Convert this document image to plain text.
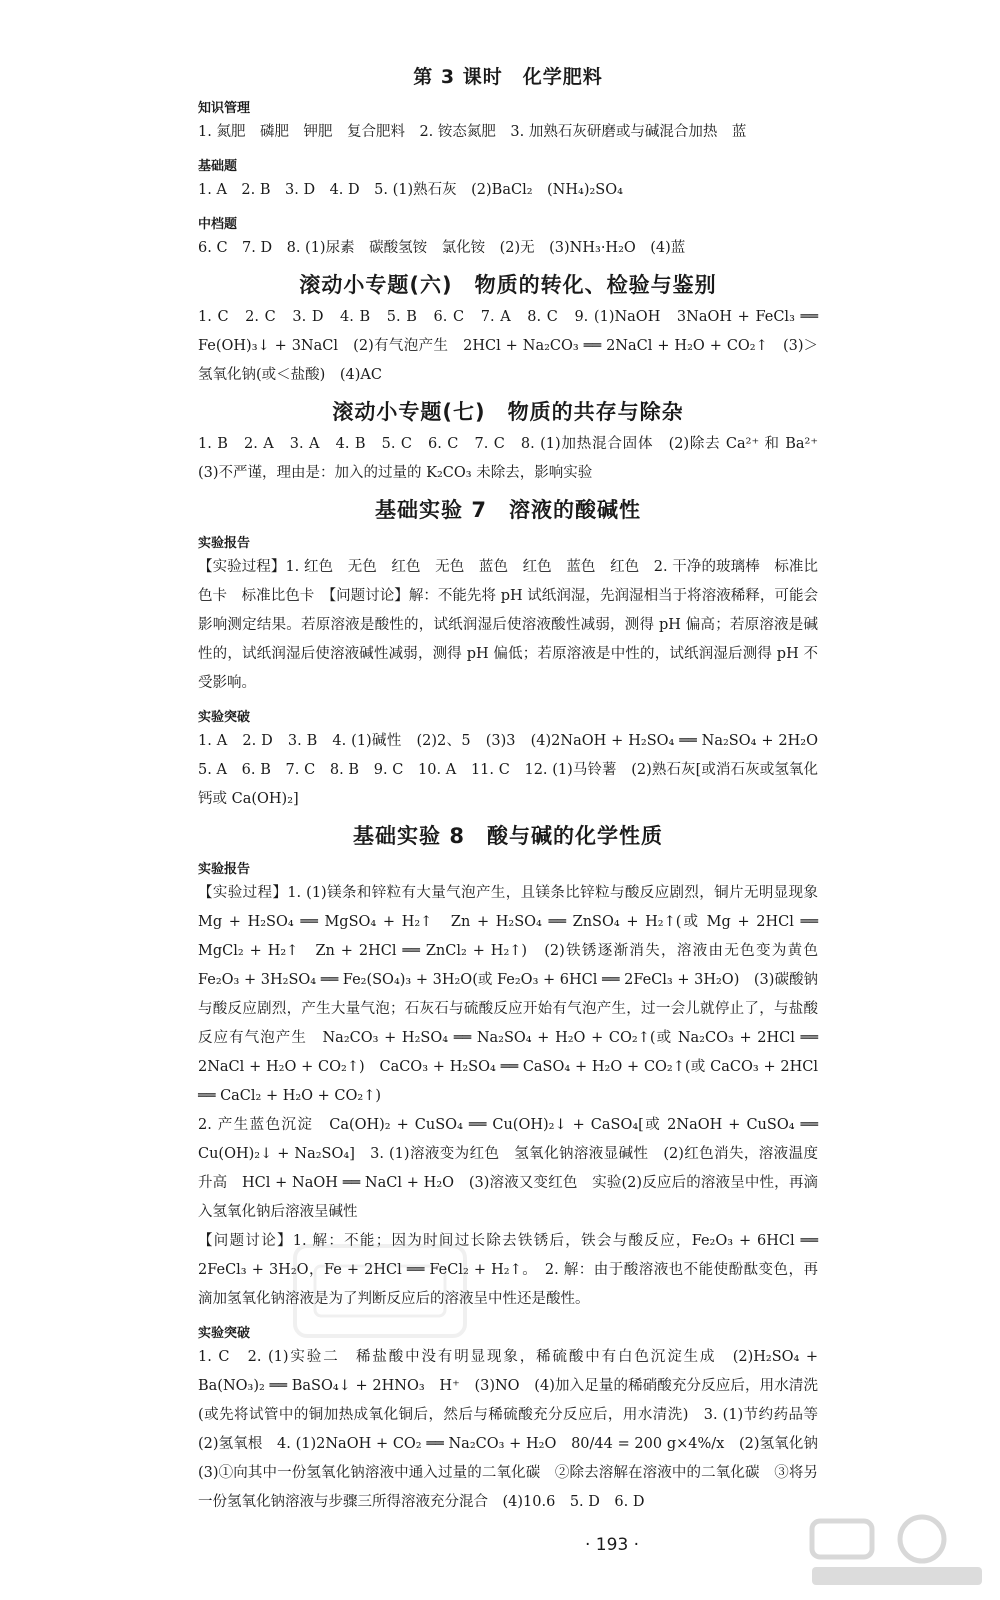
第 3 课时　化学肥料
知识管理

1. 氮肥　磷肥　钾肥　复合肥料　2. 铵态氮肥　3. 加熟石灰研磨或与碱混合加热　蓝

基础题

1. A　2. B　3. D　4. D　5. (1)熟石灰　(2)BaCl₂　(NH₄)₂SO₄

中档题

6. C　7. D　8. (1)尿素　碳酸氢铵　氯化铵　(2)无　(3)NH₃·H₂O　(4)蓝

滚动小专题(六)　物质的转化、检验与鉴别

1. C　2. C　3. D　4. B　5. B　6. C　7. A　8. C　9. (1)NaOH　3NaOH + FeCl₃ ══ Fe(OH)₃↓ + 3NaCl　(2)有气泡产生　2HCl + Na₂CO₃ ══ 2NaCl + H₂O + CO₂↑　(3)＞　氢氧化钠(或＜盐酸)　(4)AC

滚动小专题(七)　物质的共存与除杂

1. B　2. A　3. A　4. B　5. C　6. C　7. C　8. (1)加热混合固体　(2)除去 Ca²⁺ 和 Ba²⁺　(3)不严谨，理由是：加入的过量的 K₂CO₃ 未除去，影响实验

基础实验 7　溶液的酸碱性
实验报告

【实验过程】1. 红色　无色　红色　无色　蓝色　红色　蓝色　红色　2. 干净的玻璃棒　标准比色卡　标准比色卡　【问题讨论】解：不能先将 pH 试纸润湿，先润湿相当于将溶液稀释，可能会影响测定结果。若原溶液是酸性的，试纸润湿后使溶液酸性减弱，测得 pH 偏高；若原溶液是碱性的，试纸润湿后使溶液碱性减弱，测得 pH 偏低；若原溶液是中性的，试纸润湿后测得 pH 不受影响。

实验突破

1. A　2. D　3. B　4. (1)碱性　(2)2、5　(3)3　(4)2NaOH + H₂SO₄ ══ Na₂SO₄ + 2H₂O　5. A　6. B　7. C　8. B　9. C　10. A　11. C　12. (1)马铃薯　(2)熟石灰[或消石灰或氢氧化钙或 Ca(OH)₂]

基础实验 8　酸与碱的化学性质
实验报告

【实验过程】1. (1)镁条和锌粒有大量气泡产生，且镁条比锌粒与酸反应剧烈，铜片无明显现象　Mg + H₂SO₄ ══ MgSO₄ + H₂↑　Zn + H₂SO₄ ══ ZnSO₄ + H₂↑(或 Mg + 2HCl ══ MgCl₂ + H₂↑　Zn + 2HCl ══ ZnCl₂ + H₂↑)　(2)铁锈逐渐消失，溶液由无色变为黄色　Fe₂O₃ + 3H₂SO₄ ══ Fe₂(SO₄)₃ + 3H₂O(或 Fe₂O₃ + 6HCl ══ 2FeCl₃ + 3H₂O)　(3)碳酸钠与酸反应剧烈，产生大量气泡；石灰石与硫酸反应开始有气泡产生，过一会儿就停止了，与盐酸反应有气泡产生　Na₂CO₃ + H₂SO₄ ══ Na₂SO₄ + H₂O + CO₂↑(或 Na₂CO₃ + 2HCl ══ 2NaCl + H₂O + CO₂↑)　CaCO₃ + H₂SO₄ ══ CaSO₄ + H₂O + CO₂↑(或 CaCO₃ + 2HCl ══ CaCl₂ + H₂O + CO₂↑)

2. 产生蓝色沉淀　Ca(OH)₂ + CuSO₄ ══ Cu(OH)₂↓ + CaSO₄[或 2NaOH + CuSO₄ ══ Cu(OH)₂↓ + Na₂SO₄]　3. (1)溶液变为红色　氢氧化钠溶液显碱性　(2)红色消失，溶液温度升高　HCl + NaOH ══ NaCl + H₂O　(3)溶液又变红色　实验(2)反应后的溶液呈中性，再滴入氢氧化钠后溶液呈碱性

【问题讨论】1. 解：不能；因为时间过长除去铁锈后，铁会与酸反应，Fe₂O₃ + 6HCl ══ 2FeCl₃ + 3H₂O，Fe + 2HCl ══ FeCl₂ + H₂↑。　2. 解：由于酸溶液也不能使酚酞变色，再滴加氢氧化钠溶液是为了判断反应后的溶液呈中性还是酸性。

实验突破

1. C　2. (1)实验二　稀盐酸中没有明显现象，稀硫酸中有白色沉淀生成　(2)H₂SO₄ + Ba(NO₃)₂ ══ BaSO₄↓ + 2HNO₃　H⁺　(3)NO　(4)加入足量的稀硝酸充分反应后，用水清洗(或先将试管中的铜加热成氧化铜后，然后与稀硫酸充分反应后，用水清洗)　3. (1)节约药品等　(2)氢氧根　4. (1)2NaOH + CO₂ ══ Na₂CO₃ + H₂O　80/44 = 200 g×4%/x　(2)氢氧化钠　(3)①向其中一份氢氧化钠溶液中通入过量的二氧化碳　②除去溶解在溶液中的二氧化碳　③将另一份氢氧化钠溶液与步骤三所得溶液充分混合　(4)10.6　5. D　6. D

· 193 ·
